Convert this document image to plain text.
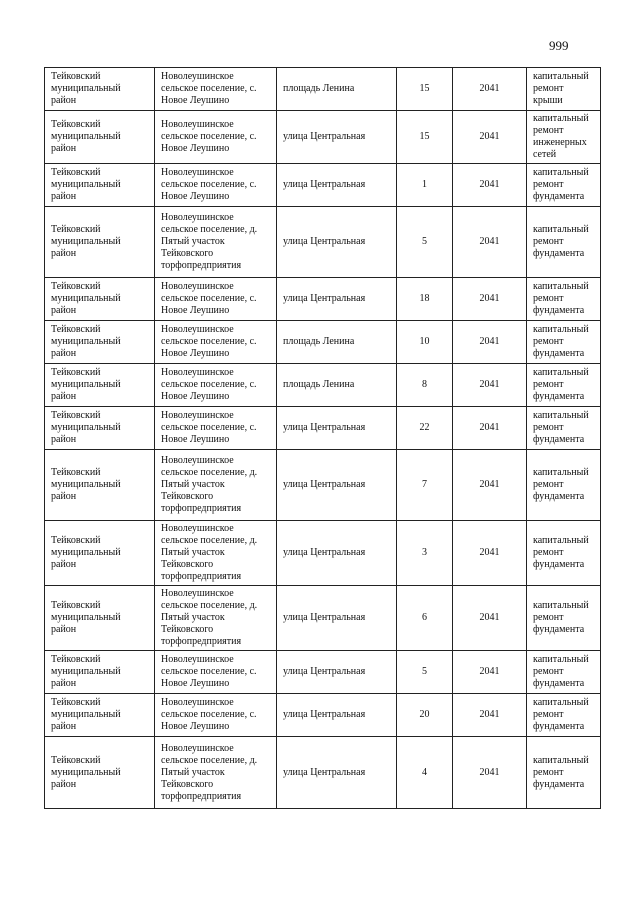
999
Тейковский муниципальный район	Новолеушинское сельское поселение, с. Новое Леушино	площадь Ленина	15	2041	капитальный ремонт крыши
Тейковский муниципальный район	Новолеушинское сельское поселение, с. Новое Леушино	улица Центральная	15	2041	капитальный ремонт инженерных сетей
Тейковский муниципальный район	Новолеушинское сельское поселение, с. Новое Леушино	улица Центральная	1	2041	капитальный ремонт фундамента
Тейковский муниципальный район	Новолеушинское сельское поселение, д. Пятый участок Тейковского торфопредприятия	улица Центральная	5	2041	капитальный ремонт фундамента
Тейковский муниципальный район	Новолеушинское сельское поселение, с. Новое Леушино	улица Центральная	18	2041	капитальный ремонт фундамента
Тейковский муниципальный район	Новолеушинское сельское поселение, с. Новое Леушино	площадь Ленина	10	2041	капитальный ремонт фундамента
Тейковский муниципальный район	Новолеушинское сельское поселение, с. Новое Леушино	площадь Ленина	8	2041	капитальный ремонт фундамента
Тейковский муниципальный район	Новолеушинское сельское поселение, с. Новое Леушино	улица Центральная	22	2041	капитальный ремонт фундамента
Тейковский муниципальный район	Новолеушинское сельское поселение, д. Пятый участок Тейковского торфопредприятия	улица Центральная	7	2041	капитальный ремонт фундамента
Тейковский муниципальный район	Новолеушинское сельское поселение, д. Пятый участок Тейковского торфопредприятия	улица Центральная	3	2041	капитальный ремонт фундамента
Тейковский муниципальный район	Новолеушинское сельское поселение, д. Пятый участок Тейковского торфопредприятия	улица Центральная	6	2041	капитальный ремонт фундамента
Тейковский муниципальный район	Новолеушинское сельское поселение, с. Новое Леушино	улица Центральная	5	2041	капитальный ремонт фундамента
Тейковский муниципальный район	Новолеушинское сельское поселение, с. Новое Леушино	улица Центральная	20	2041	капитальный ремонт фундамента
Тейковский муниципальный район	Новолеушинское сельское поселение, д. Пятый участок Тейковского торфопредприятия	улица Центральная	4	2041	капитальный ремонт фундамента
